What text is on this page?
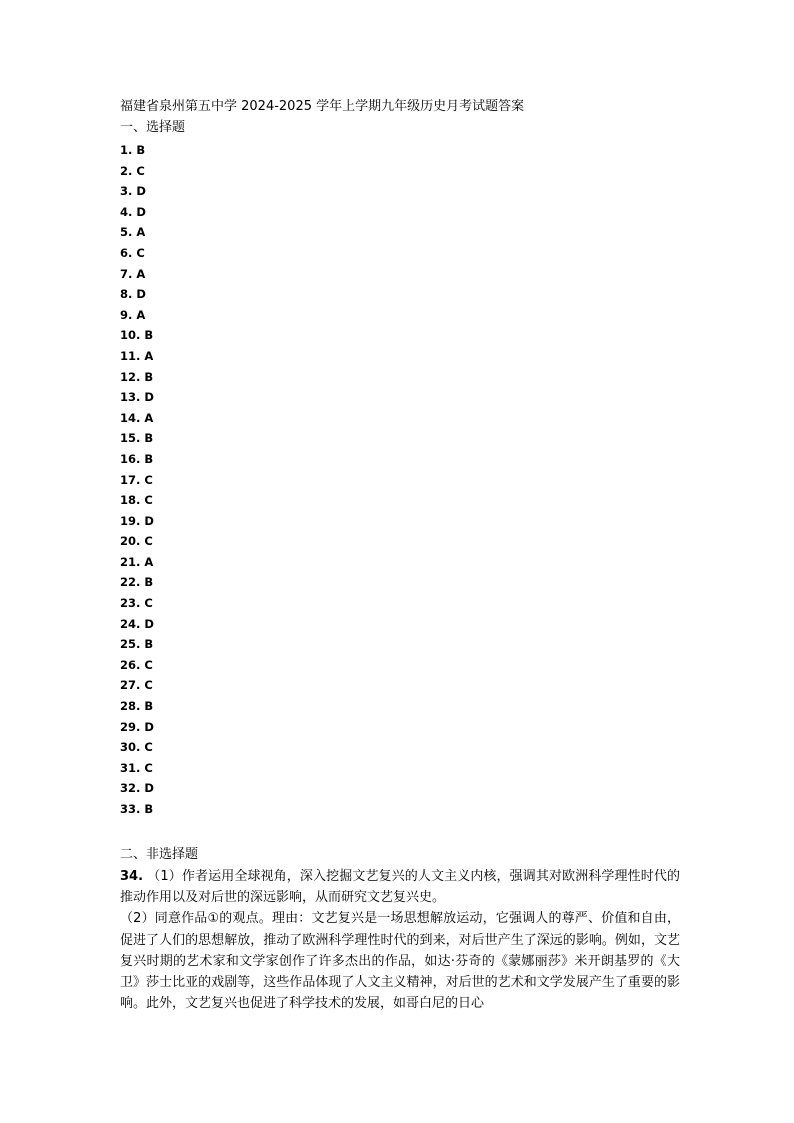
福建省泉州第五中学 2024-2025 学年上学期九年级历史月考试题答案
一、选择题
1. B
2. C
3. D
4. D
5. A
6. C
7. A
8. D
9. A
10. B
11. A
12. B
13. D
14. A
15. B
16. B
17. C
18. C
19. D
20. C
21. A
22. B
23. C
24. D
25. B
26. C
27. C
28. B
29. D
30. C
31. C
32. D
33. B
二、非选择题

34. （1）作者运用全球视角，深入挖掘文艺复兴的人文主义内核，强调其对欧洲科学理性时代的推动作用以及对后世的深远影响，从而研究文艺复兴史。

（2）同意作品①的观点。理由：文艺复兴是一场思想解放运动，它强调人的尊严、价值和自由，促进了人们的思想解放，推动了欧洲科学理性时代的到来，对后世产生了深远的影响。例如，文艺复兴时期的艺术家和文学家创作了许多杰出的作品，如达·芬奇的《蒙娜丽莎》米开朗基罗的《大卫》莎士比亚的戏剧等，这些作品体现了人文主义精神，对后世的艺术和文学发展产生了重要的影响。此外，文艺复兴也促进了科学技术的发展，如哥白尼的日心
